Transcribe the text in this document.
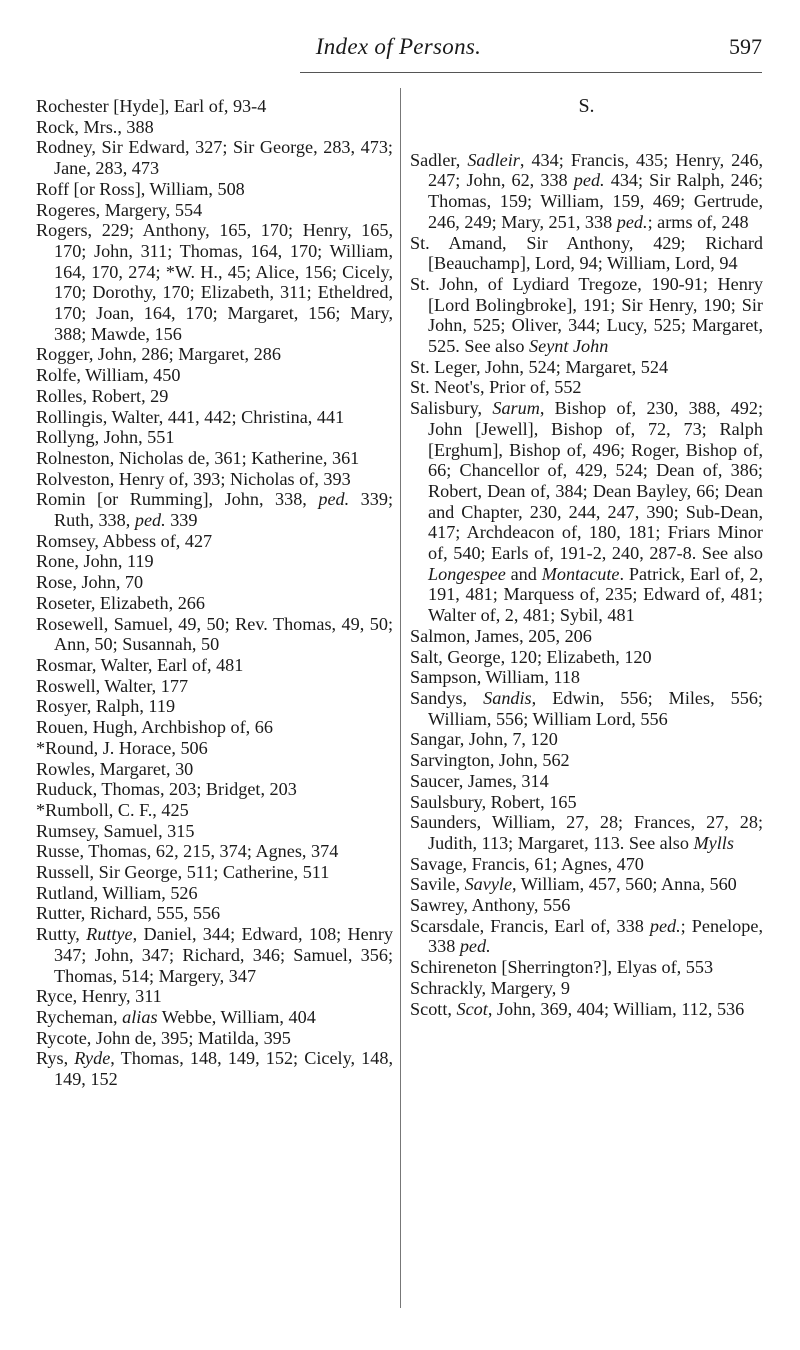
Index of Persons.	597

Rochester [Hyde], Earl of, 93-4

Rock, Mrs., 388

Rodney, Sir Edward, 327; Sir George, 283, 473; Jane, 283, 473

Roff [or Ross], William, 508

Rogeres, Margery, 554

Rogers, 229; Anthony, 165, 170; Henry, 165, 170; John, 311; Thomas, 164, 170; William, 164, 170, 274; *W. H., 45; Alice, 156; Cicely, 170; Dorothy, 170; Elizabeth, 311; Etheldred, 170; Joan, 164, 170; Margaret, 156; Mary, 388; Mawde, 156

Rogger, John, 286; Margaret, 286

Rolfe, William, 450

Rolles, Robert, 29

Rollingis, Walter, 441, 442; Christina, 441

Rollyng, John, 551

Rolneston, Nicholas de, 361; Katherine, 361

Rolveston, Henry of, 393; Nicholas of, 393

Romin [or Rumming], John, 338, ped. 339; Ruth, 338, ped. 339

Romsey, Abbess of, 427

Rone, John, 119

Rose, John, 70

Roseter, Elizabeth, 266

Rosewell, Samuel, 49, 50; Rev. Thomas, 49, 50; Ann, 50; Susannah, 50

Rosmar, Walter, Earl of, 481

Roswell, Walter, 177

Rosyer, Ralph, 119

Rouen, Hugh, Archbishop of, 66

*Round, J. Horace, 506

Rowles, Margaret, 30

Ruduck, Thomas, 203; Bridget, 203

*Rumboll, C. F., 425

Rumsey, Samuel, 315

Russe, Thomas, 62, 215, 374; Agnes, 374

Russell, Sir George, 511; Catherine, 511

Rutland, William, 526

Rutter, Richard, 555, 556

Rutty, Ruttye, Daniel, 344; Edward, 108; Henry 347; John, 347; Richard, 346; Samuel, 356; Thomas, 514; Margery, 347

Ryce, Henry, 311

Rycheman, alias Webbe, William, 404

Rycote, John de, 395; Matilda, 395

Rys, Ryde, Thomas, 148, 149, 152; Cicely, 148, 149, 152

S.

Sadler, Sadleir, 434; Francis, 435; Henry, 246, 247; John, 62, 338 ped. 434; Sir Ralph, 246; Thomas, 159; William, 159, 469; Gertrude, 246, 249; Mary, 251, 338 ped.; arms of, 248

St. Amand, Sir Anthony, 429; Richard [Beauchamp], Lord, 94; William, Lord, 94

St. John, of Lydiard Tregoze, 190-91; Henry [Lord Bolingbroke], 191; Sir Henry, 190; Sir John, 525; Oliver, 344; Lucy, 525; Margaret, 525. See also Seynt John

St. Leger, John, 524; Margaret, 524

St. Neot's, Prior of, 552

Salisbury, Sarum, Bishop of, 230, 388, 492; John [Jewell], Bishop of, 72, 73; Ralph [Erghum], Bishop of, 496; Roger, Bishop of, 66; Chancellor of, 429, 524; Dean of, 386; Robert, Dean of, 384; Dean Bayley, 66; Dean and Chapter, 230, 244, 247, 390; Sub-Dean, 417; Archdeacon of, 180, 181; Friars Minor of, 540; Earls of, 191-2, 240, 287-8. See also Longespee and Montacute. Patrick, Earl of, 2, 191, 481; Marquess of, 235; Edward of, 481; Walter of, 2, 481; Sybil, 481

Salmon, James, 205, 206

Salt, George, 120; Elizabeth, 120

Sampson, William, 118

Sandys, Sandis, Edwin, 556; Miles, 556; William, 556; William Lord, 556

Sangar, John, 7, 120

Sarvington, John, 562

Saucer, James, 314

Saulsbury, Robert, 165

Saunders, William, 27, 28; Frances, 27, 28; Judith, 113; Margaret, 113. See also Mylls

Savage, Francis, 61; Agnes, 470

Savile, Savyle, William, 457, 560; Anna, 560

Sawrey, Anthony, 556

Scarsdale, Francis, Earl of, 338 ped.; Penelope, 338 ped.

Schireneton [Sherrington?], Elyas of, 553

Schrackly, Margery, 9

Scott, Scot, John, 369, 404; William, 112, 536
